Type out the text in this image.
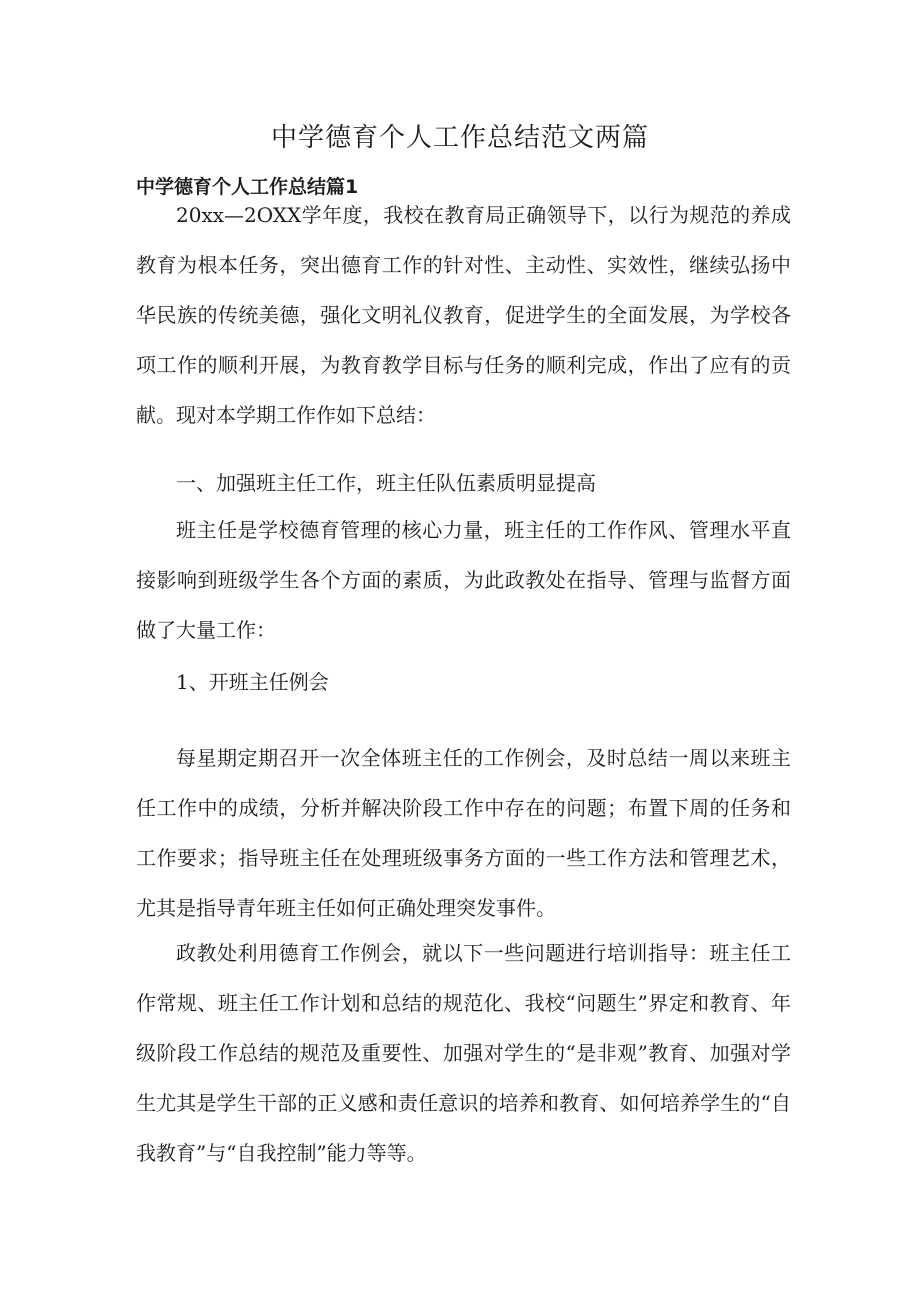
中学德育个人工作总结范文两篇
中学德育个人工作总结篇1

20xx—2OXX学年度，我校在教育局正确领导下，以行为规范的养成教育为根本任务，突出德育工作的针对性、主动性、实效性，继续弘扬中华民族的传统美德，强化文明礼仪教育，促进学生的全面发展，为学校各项工作的顺利开展，为教育教学目标与任务的顺利完成，作出了应有的贡献。现对本学期工作作如下总结：

一、加强班主任工作，班主任队伍素质明显提高

班主任是学校德育管理的核心力量，班主任的工作作风、管理水平直接影响到班级学生各个方面的素质，为此政教处在指导、管理与监督方面做了大量工作：

1、开班主任例会

每星期定期召开一次全体班主任的工作例会，及时总结一周以来班主任工作中的成绩，分析并解决阶段工作中存在的问题；布置下周的任务和工作要求；指导班主任在处理班级事务方面的一些工作方法和管理艺术，尤其是指导青年班主任如何正确处理突发事件。

政教处利用德育工作例会，就以下一些问题进行培训指导：班主任工作常规、班主任工作计划和总结的规范化、我校“问题生”界定和教育、年级阶段工作总结的规范及重要性、加强对学生的“是非观”教育、加强对学生尤其是学生干部的正义感和责任意识的培养和教育、如何培养学生的“自我教育”与“自我控制”能力等等。
